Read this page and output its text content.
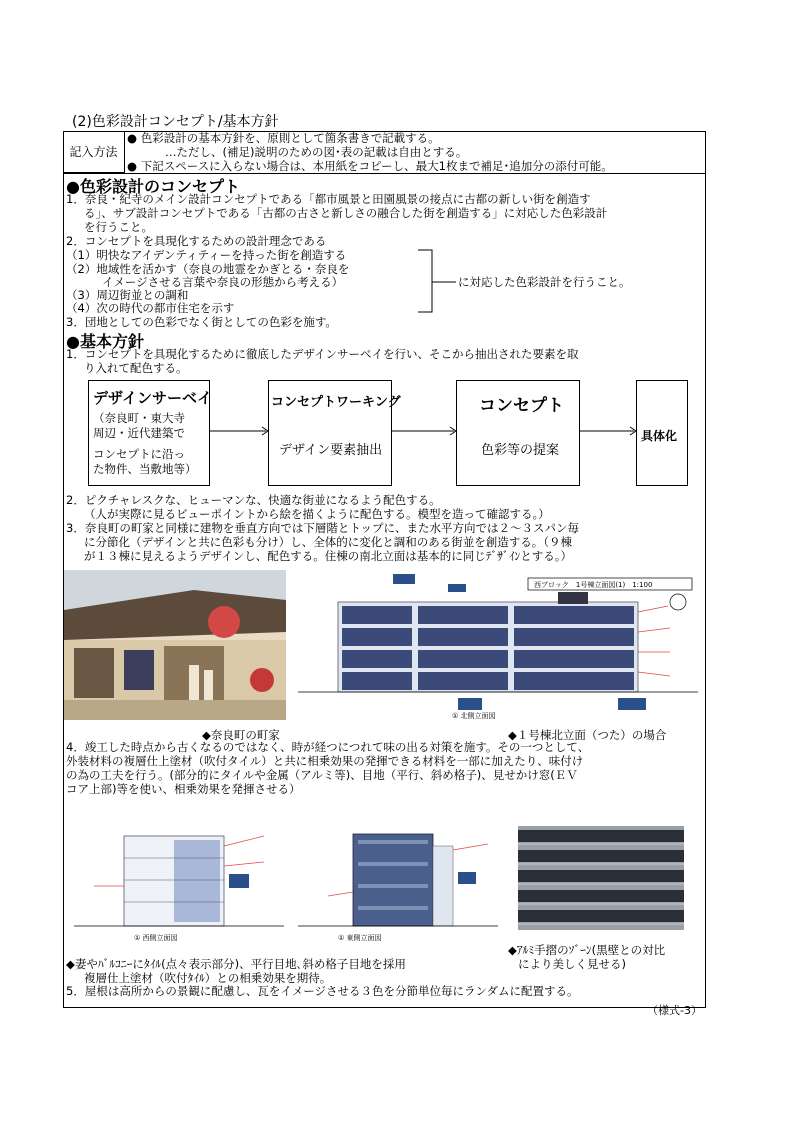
(2)色彩設計コンセプト/基本方針
記入方法
● 色彩設計の基本方針を、原則として箇条書きで記載する。
…ただし、(補足)説明のための図･表の記載は自由とする。
● 下記スペースに入らない場合は、本用紙をコピーし、最大1枚まで補足･追加分の添付可能。
●色彩設計のコンセプト
1．奈良・紀寺のメイン設計コンセプトである「都市風景と田園風景の接点に古都の新しい街を創造す
る」、サブ設計コンセプトである「古都の古さと新しさの融合した街を創造する」に対応した色彩設計
を行うこと。
2．コンセプトを具現化するための設計理念である
（1）明快なアイデンティティーを持った街を創造する
（2）地域性を活かす（奈良の地霊をかぎとる・奈良を
イメージさせる言葉や奈良の形態から考える）
（3）周辺街並との調和
（4）次の時代の都市住宅を示す
3．団地としての色彩でなく街としての色彩を施す。
に対応した色彩設計を行うこと。
●基本方針
1．コンセプトを具現化するために徹底したデザインサーベイを行い、そこから抽出された要素を取
り入れて配色する。
デザインサーベイ
（奈良町・東大寺
周辺・近代建築で
コンセプトに沿っ
た物件、当敷地等）
コンセプトワーキング
デザイン要素抽出
コンセプト
色彩等の提案
具体化
2．ピクチャレスクな、ヒューマンな、快適な街並になるよう配色する。
（人が実際に見るビューポイントから絵を描くように配色する。模型を造って確認する。）
3．奈良町の町家と同様に建物を垂直方向では下層階とトップに、また水平方向では２～３スパン毎
に分節化（デザインと共に色彩も分け）し、全体的に変化と調和のある街並を創造する。（９棟
が１３棟に見えるようデザインし、配色する。住棟の南北立面は基本的に同じﾃﾞｻﾞｲﾝとする。）
西ブロック　1号棟立面図(1)　1:100
① 北側立面図
◆奈良町の町家	◆１号棟北立面（つた）の場合
4．竣工した時点から古くなるのではなく、時が経つにつれて味の出る対策を施す。その一つとして、
外装材料の複層仕上塗材（吹付タイル）と共に相乗効果の発揮できる材料を一部に加えたり、味付け
の為の工夫を行う。(部分的にタイルや金属（アルミ等)、目地（平行、斜め格子)、見せかけ窓(ＥＶ
コア上部)等を使い、相乗効果を発揮させる）
① 西側立面図	① 東側立面図
◆ｱﾙﾐ手摺のｿﾞｰﾝ(黒壁との対比
により美しく見せる)
◆妻やﾊﾞﾙｺﾆｰにﾀｲﾙ(点々表示部分)、平行目地､斜め格子目地を採用
複層仕上塗材（吹付ﾀｲﾙ）との相乗効果を期待。
5．屋根は高所からの景観に配慮し、瓦をイメージさせる３色を分節単位毎にランダムに配置する。
（様式-3）
